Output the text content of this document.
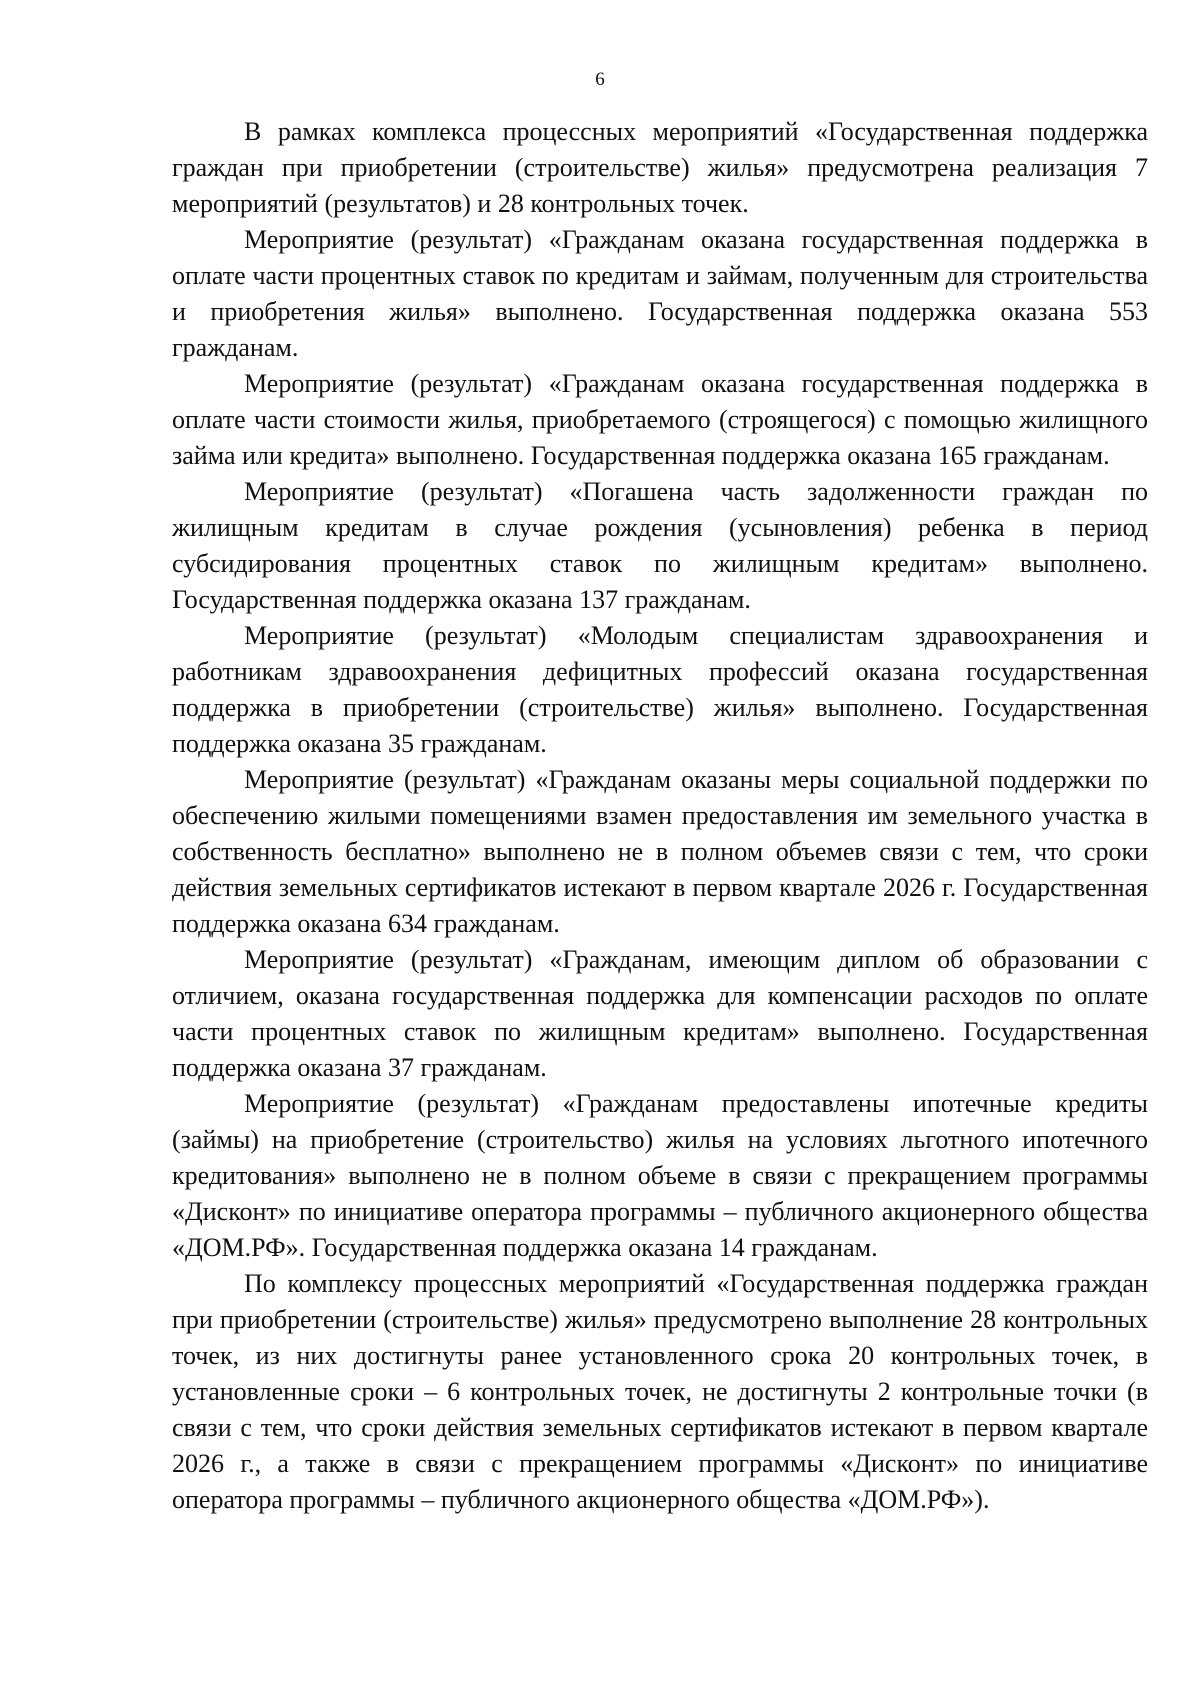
6

В рамках комплекса процессных мероприятий «Государственная поддержка граждан при приобретении (строительстве) жилья» предусмотрена реализация 7 мероприятий (результатов) и 28 контрольных точек.

Мероприятие (результат) «Гражданам оказана государственная поддержка в оплате части процентных ставок по кредитам и займам, полученным для строительства и приобретения жилья» выполнено. Государственная поддержка оказана 553 гражданам.

Мероприятие (результат) «Гражданам оказана государственная поддержка в оплате части стоимости жилья, приобретаемого (строящегося) с помощью жилищного займа или кредита» выполнено. Государственная поддержка оказана 165 гражданам.

Мероприятие (результат) «Погашена часть задолженности граждан по жилищным кредитам в случае рождения (усыновления) ребенка в период субсидирования процентных ставок по жилищным кредитам» выполнено. Государственная поддержка оказана 137 гражданам.

Мероприятие (результат) «Молодым специалистам здравоохранения и работникам здравоохранения дефицитных профессий оказана государственная поддержка в приобретении (строительстве) жилья» выполнено. Государственная поддержка оказана 35 гражданам.

Мероприятие (результат) «Гражданам оказаны меры социальной поддержки по обеспечению жилыми помещениями взамен предоставления им земельного участка в собственность бесплатно» выполнено не в полном объемев связи с тем, что сроки действия земельных сертификатов истекают в первом квартале 2026 г. Государственная поддержка оказана 634 гражданам.

Мероприятие (результат) «Гражданам, имеющим диплом об образовании с отличием, оказана государственная поддержка для компенсации расходов по оплате части процентных ставок по жилищным кредитам» выполнено. Государственная поддержка оказана 37 гражданам.

Мероприятие (результат) «Гражданам предоставлены ипотечные кредиты (займы) на приобретение (строительство) жилья на условиях льготного ипотечного кредитования» выполнено не в полном объеме в связи с прекращением программы «Дисконт» по инициативе оператора программы – публичного акционерного общества «ДОМ.РФ». Государственная поддержка оказана 14 гражданам.

По комплексу процессных мероприятий «Государственная поддержка граждан при приобретении (строительстве) жилья» предусмотрено выполнение 28 контрольных точек, из них достигнуты ранее установленного срока 20 контрольных точек, в установленные сроки – 6 контрольных точек, не достигнуты 2 контрольные точки (в связи с тем, что сроки действия земельных сертификатов истекают в первом квартале 2026 г., а также в связи с прекращением программы «Дисконт» по инициативе оператора программы – публичного акционерного общества «ДОМ.РФ»).
